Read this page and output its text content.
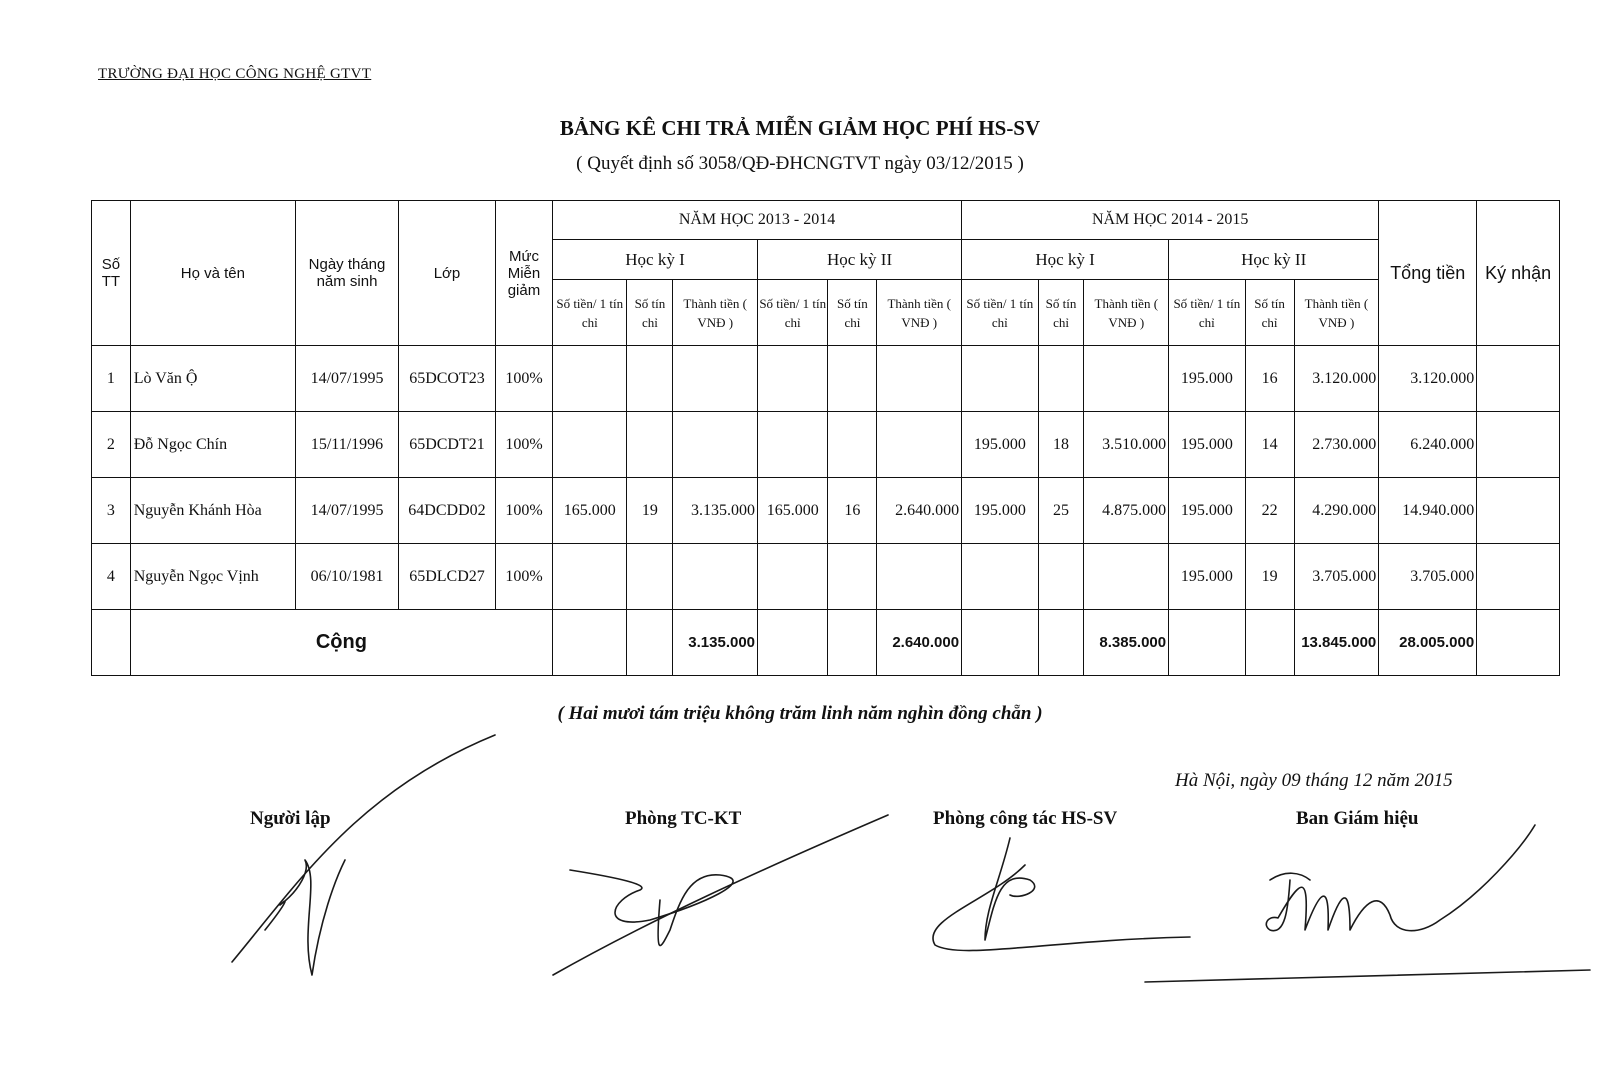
TRƯỜNG ĐẠI HỌC CÔNG NGHỆ GTVT
BẢNG KÊ CHI TRẢ MIỄN GIẢM HỌC PHÍ HS-SV
( Quyết định số 3058/QĐ-ĐHCNGTVT ngày 03/12/2015 )
Số TT	Họ và tên	Ngày tháng năm sinh	Lớp	Mức Miễn giảm	NĂM HỌC 2013 - 2014						NĂM HỌC 2014 - 2015						Tổng tiền	Ký nhận
					Học kỳ I			Học kỳ II			Học kỳ I			Học kỳ II				
					Số tiền/ 1 tín chỉ	Số tín chỉ	Thành tiền ( VNĐ )	Số tiền/ 1 tín chỉ	Số tín chỉ	Thành tiền ( VNĐ )	Số tiền/ 1 tín chỉ	Số tín chỉ	Thành tiền ( VNĐ )	Số tiền/ 1 tín chỉ	Số tín chỉ	Thành tiền ( VNĐ )		
1	Lò Văn Ộ	14/07/1995	65DCOT23	100%										195.000	16	3.120.000	3.120.000	
2	Đỗ Ngọc Chín	15/11/1996	65DCDT21	100%							195.000	18	3.510.000	195.000	14	2.730.000	6.240.000	
3	Nguyễn Khánh Hòa	14/07/1995	64DCDD02	100%	165.000	19	3.135.000	165.000	16	2.640.000	195.000	25	4.875.000	195.000	22	4.290.000	14.940.000	
4	Nguyễn Ngọc Vịnh	06/10/1981	65DLCD27	100%										195.000	19	3.705.000	3.705.000	
	Cộng						3.135.000			2.640.000			8.385.000			13.845.000	28.005.000	
( Hai mươi tám triệu không trăm linh năm nghìn đồng chẵn )
Hà Nội, ngày 09 tháng 12 năm 2015
Người lập	Phòng TC-KT	Phòng công tác HS-SV	Ban Giám hiệu
